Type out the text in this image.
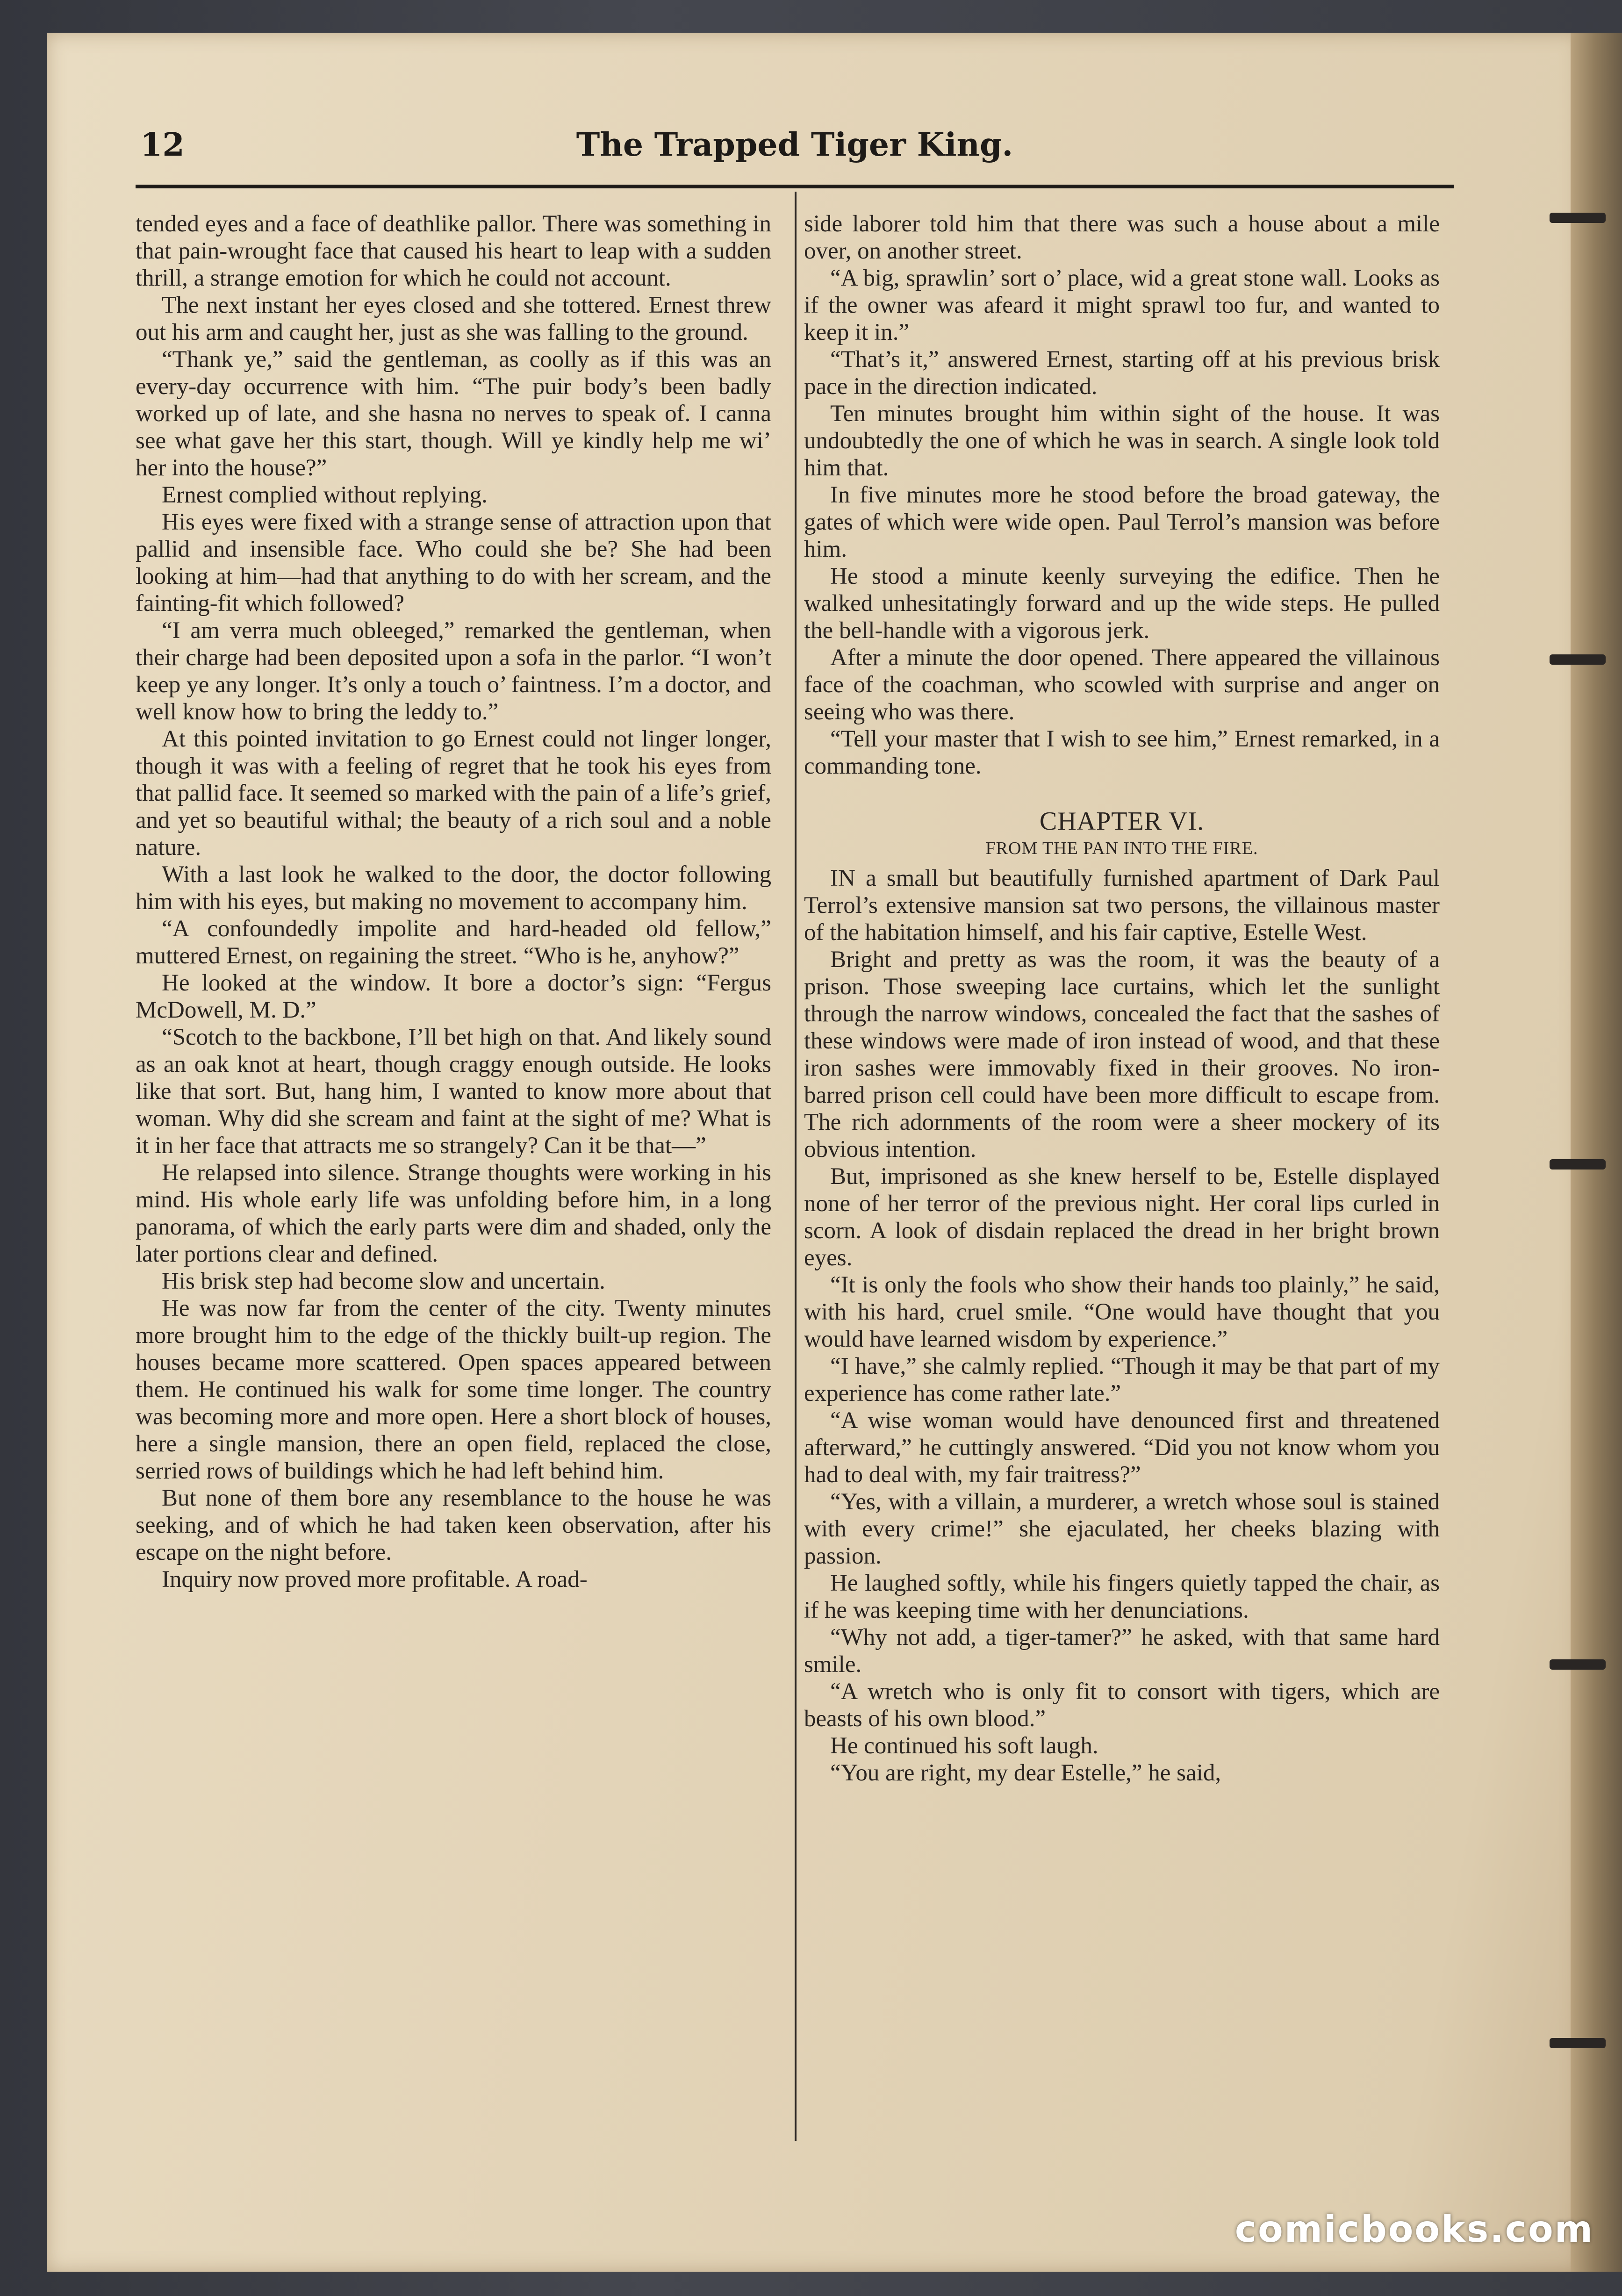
12	The Trapped Tiger King.

tended eyes and a face of deathlike pallor. There was something in that pain-wrought face that caused his heart to leap with a sudden thrill, a strange emotion for which he could not account.

The next instant her eyes closed and she tottered. Ernest threw out his arm and caught her, just as she was falling to the ground.

“Thank ye,” said the gentleman, as coolly as if this was an every-day occurrence with him. “The puir body’s been badly worked up of late, and she hasna no nerves to speak of. I canna see what gave her this start, though. Will ye kindly help me wi’ her into the house?”

Ernest complied without replying.

His eyes were fixed with a strange sense of attraction upon that pallid and insensible face. Who could she be? She had been looking at him—had that anything to do with her scream, and the fainting-fit which followed?

“I am verra much obleeged,” remarked the gentleman, when their charge had been deposited upon a sofa in the parlor. “I won’t keep ye any longer. It’s only a touch o’ faintness. I’m a doctor, and well know how to bring the leddy to.”

At this pointed invitation to go Ernest could not linger longer, though it was with a feeling of regret that he took his eyes from that pallid face. It seemed so marked with the pain of a life’s grief, and yet so beautiful withal; the beauty of a rich soul and a noble nature.

With a last look he walked to the door, the doctor following him with his eyes, but making no movement to accompany him.

“A confoundedly impolite and hard-headed old fellow,” muttered Ernest, on regaining the street. “Who is he, anyhow?”

He looked at the window. It bore a doctor’s sign: “Fergus McDowell, M. D.”

“Scotch to the backbone, I’ll bet high on that. And likely sound as an oak knot at heart, though craggy enough outside. He looks like that sort. But, hang him, I wanted to know more about that woman. Why did she scream and faint at the sight of me? What is it in her face that attracts me so strangely? Can it be that—”

He relapsed into silence. Strange thoughts were working in his mind. His whole early life was unfolding before him, in a long panorama, of which the early parts were dim and shaded, only the later portions clear and defined.

His brisk step had become slow and uncertain.

He was now far from the center of the city. Twenty minutes more brought him to the edge of the thickly built-up region. The houses became more scattered. Open spaces appeared between them. He continued his walk for some time longer. The country was becoming more and more open. Here a short block of houses, here a single mansion, there an open field, replaced the close, serried rows of buildings which he had left behind him.

But none of them bore any resemblance to the house he was seeking, and of which he had taken keen observation, after his escape on the night before.

Inquiry now proved more profitable. A road-

side laborer told him that there was such a house about a mile over, on another street.

“A big, sprawlin’ sort o’ place, wid a great stone wall. Looks as if the owner was afeard it might sprawl too fur, and wanted to keep it in.”

“That’s it,” answered Ernest, starting off at his previous brisk pace in the direction indicated.

Ten minutes brought him within sight of the house. It was undoubtedly the one of which he was in search. A single look told him that.

In five minutes more he stood before the broad gateway, the gates of which were wide open. Paul Terrol’s mansion was before him.

He stood a minute keenly surveying the edifice. Then he walked unhesitatingly forward and up the wide steps. He pulled the bell-handle with a vigorous jerk.

After a minute the door opened. There appeared the villainous face of the coachman, who scowled with surprise and anger on seeing who was there.

“Tell your master that I wish to see him,” Ernest remarked, in a commanding tone.

CHAPTER VI.
FROM THE PAN INTO THE FIRE.

IN a small but beautifully furnished apartment of Dark Paul Terrol’s extensive mansion sat two persons, the villainous master of the habitation himself, and his fair captive, Estelle West.

Bright and pretty as was the room, it was the beauty of a prison. Those sweeping lace curtains, which let the sunlight through the narrow windows, concealed the fact that the sashes of these windows were made of iron instead of wood, and that these iron sashes were immovably fixed in their grooves. No iron-barred prison cell could have been more difficult to escape from. The rich adornments of the room were a sheer mockery of its obvious intention.

But, imprisoned as she knew herself to be, Estelle displayed none of her terror of the previous night. Her coral lips curled in scorn. A look of disdain replaced the dread in her bright brown eyes.

“It is only the fools who show their hands too plainly,” he said, with his hard, cruel smile. “One would have thought that you would have learned wisdom by experience.”

“I have,” she calmly replied. “Though it may be that part of my experience has come rather late.”

“A wise woman would have denounced first and threatened afterward,” he cuttingly answered. “Did you not know whom you had to deal with, my fair traitress?”

“Yes, with a villain, a murderer, a wretch whose soul is stained with every crime!” she ejaculated, her cheeks blazing with passion.

He laughed softly, while his fingers quietly tapped the chair, as if he was keeping time with her denunciations.

“Why not add, a tiger-tamer?” he asked, with that same hard smile.

“A wretch who is only fit to consort with tigers, which are beasts of his own blood.”

He continued his soft laugh.

“You are right, my dear Estelle,” he said,

comicbooks.com
